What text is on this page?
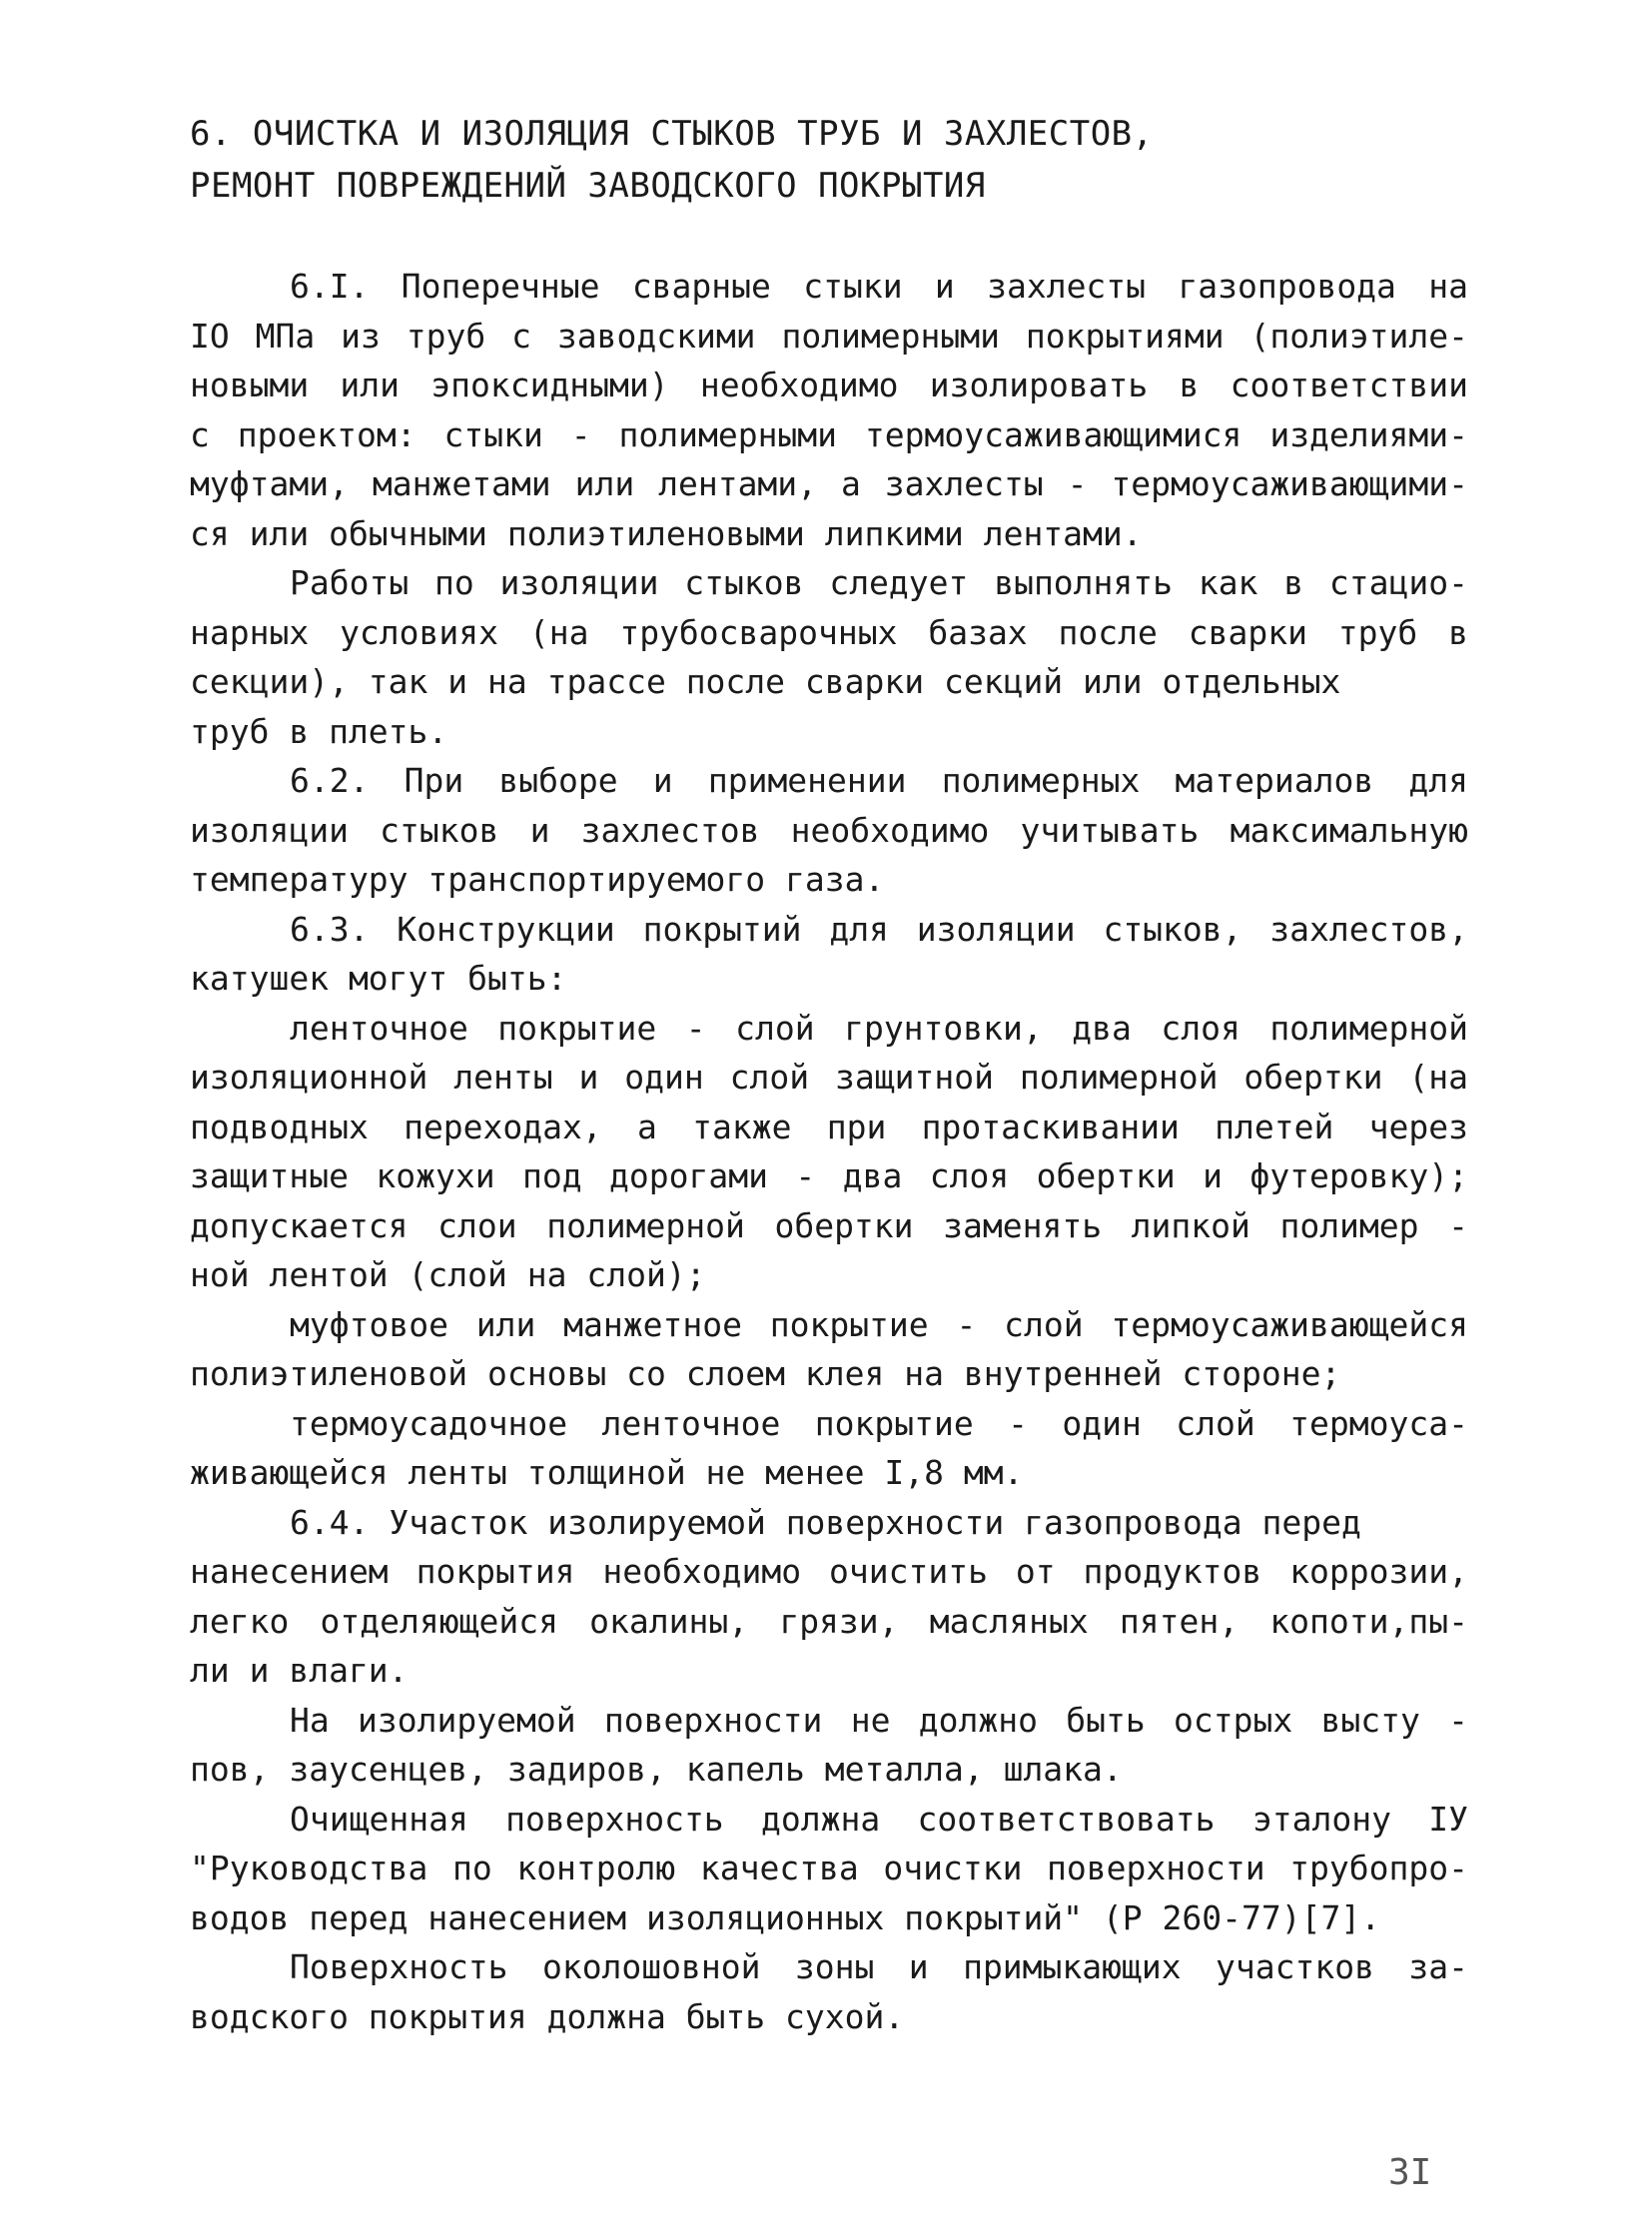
6. ОЧИСТКА И ИЗОЛЯЦИЯ СТЫКОВ ТРУБ И ЗАХЛЕСТОВ,
РЕМОНТ ПОВРЕЖДЕНИЙ ЗАВОДСКОГО ПОКРЫТИЯ
6.I. Поперечные сварные стыки и захлесты газопровода на
IO МПа из труб с заводскими полимерными покрытиями (полиэтиле-
новыми или эпоксидными) необходимо изолировать в соответствии
с проектом: стыки - полимерными термоусаживающимися изделиями-
муфтами, манжетами или лентами, а захлесты - термоусаживающими-
ся или обычными полиэтиленовыми липкими лентами.
Работы по изоляции стыков следует выполнять как в стацио-
нарных условиях (на трубосварочных базах после сварки труб в
секции), так и на трассе после сварки секций или отдельных
труб в плеть.
6.2. При выборе и применении полимерных материалов для
изоляции стыков и захлестов необходимо учитывать максимальную
температуру транспортируемого газа.
6.3. Конструкции покрытий для изоляции стыков, захлестов,
катушек могут быть:
ленточное покрытие - слой грунтовки, два слоя полимерной
изоляционной ленты и один слой защитной полимерной обертки (на
подводных переходах, а также при протаскивании плетей через
защитные кожухи под дорогами - два слоя обертки и футеровку);
допускается слои полимерной обертки заменять липкой полимер -
ной лентой (слой на слой);
муфтовое или манжетное покрытие - слой термоусаживающейся
полиэтиленовой основы со слоем клея на внутренней стороне;
термоусадочное ленточное покрытие - один слой термоуса-
живающейся ленты толщиной не менее I,8 мм.
6.4. Участок изолируемой поверхности газопровода перед
нанесением покрытия необходимо очистить от продуктов коррозии,
легко отделяющейся окалины, грязи, масляных пятен, копоти,пы-
ли и влаги.
На изолируемой поверхности не должно быть острых высту -
пов, заусенцев, задиров, капель металла, шлака.
Очищенная поверхность должна соответствовать эталону IУ
"Руководства по контролю качества очистки поверхности трубопро-
водов перед нанесением изоляционных покрытий" (Р 260-77)[7].
Поверхность околошовной зоны и примыкающих участков за-
водского покрытия должна быть сухой.
3I
